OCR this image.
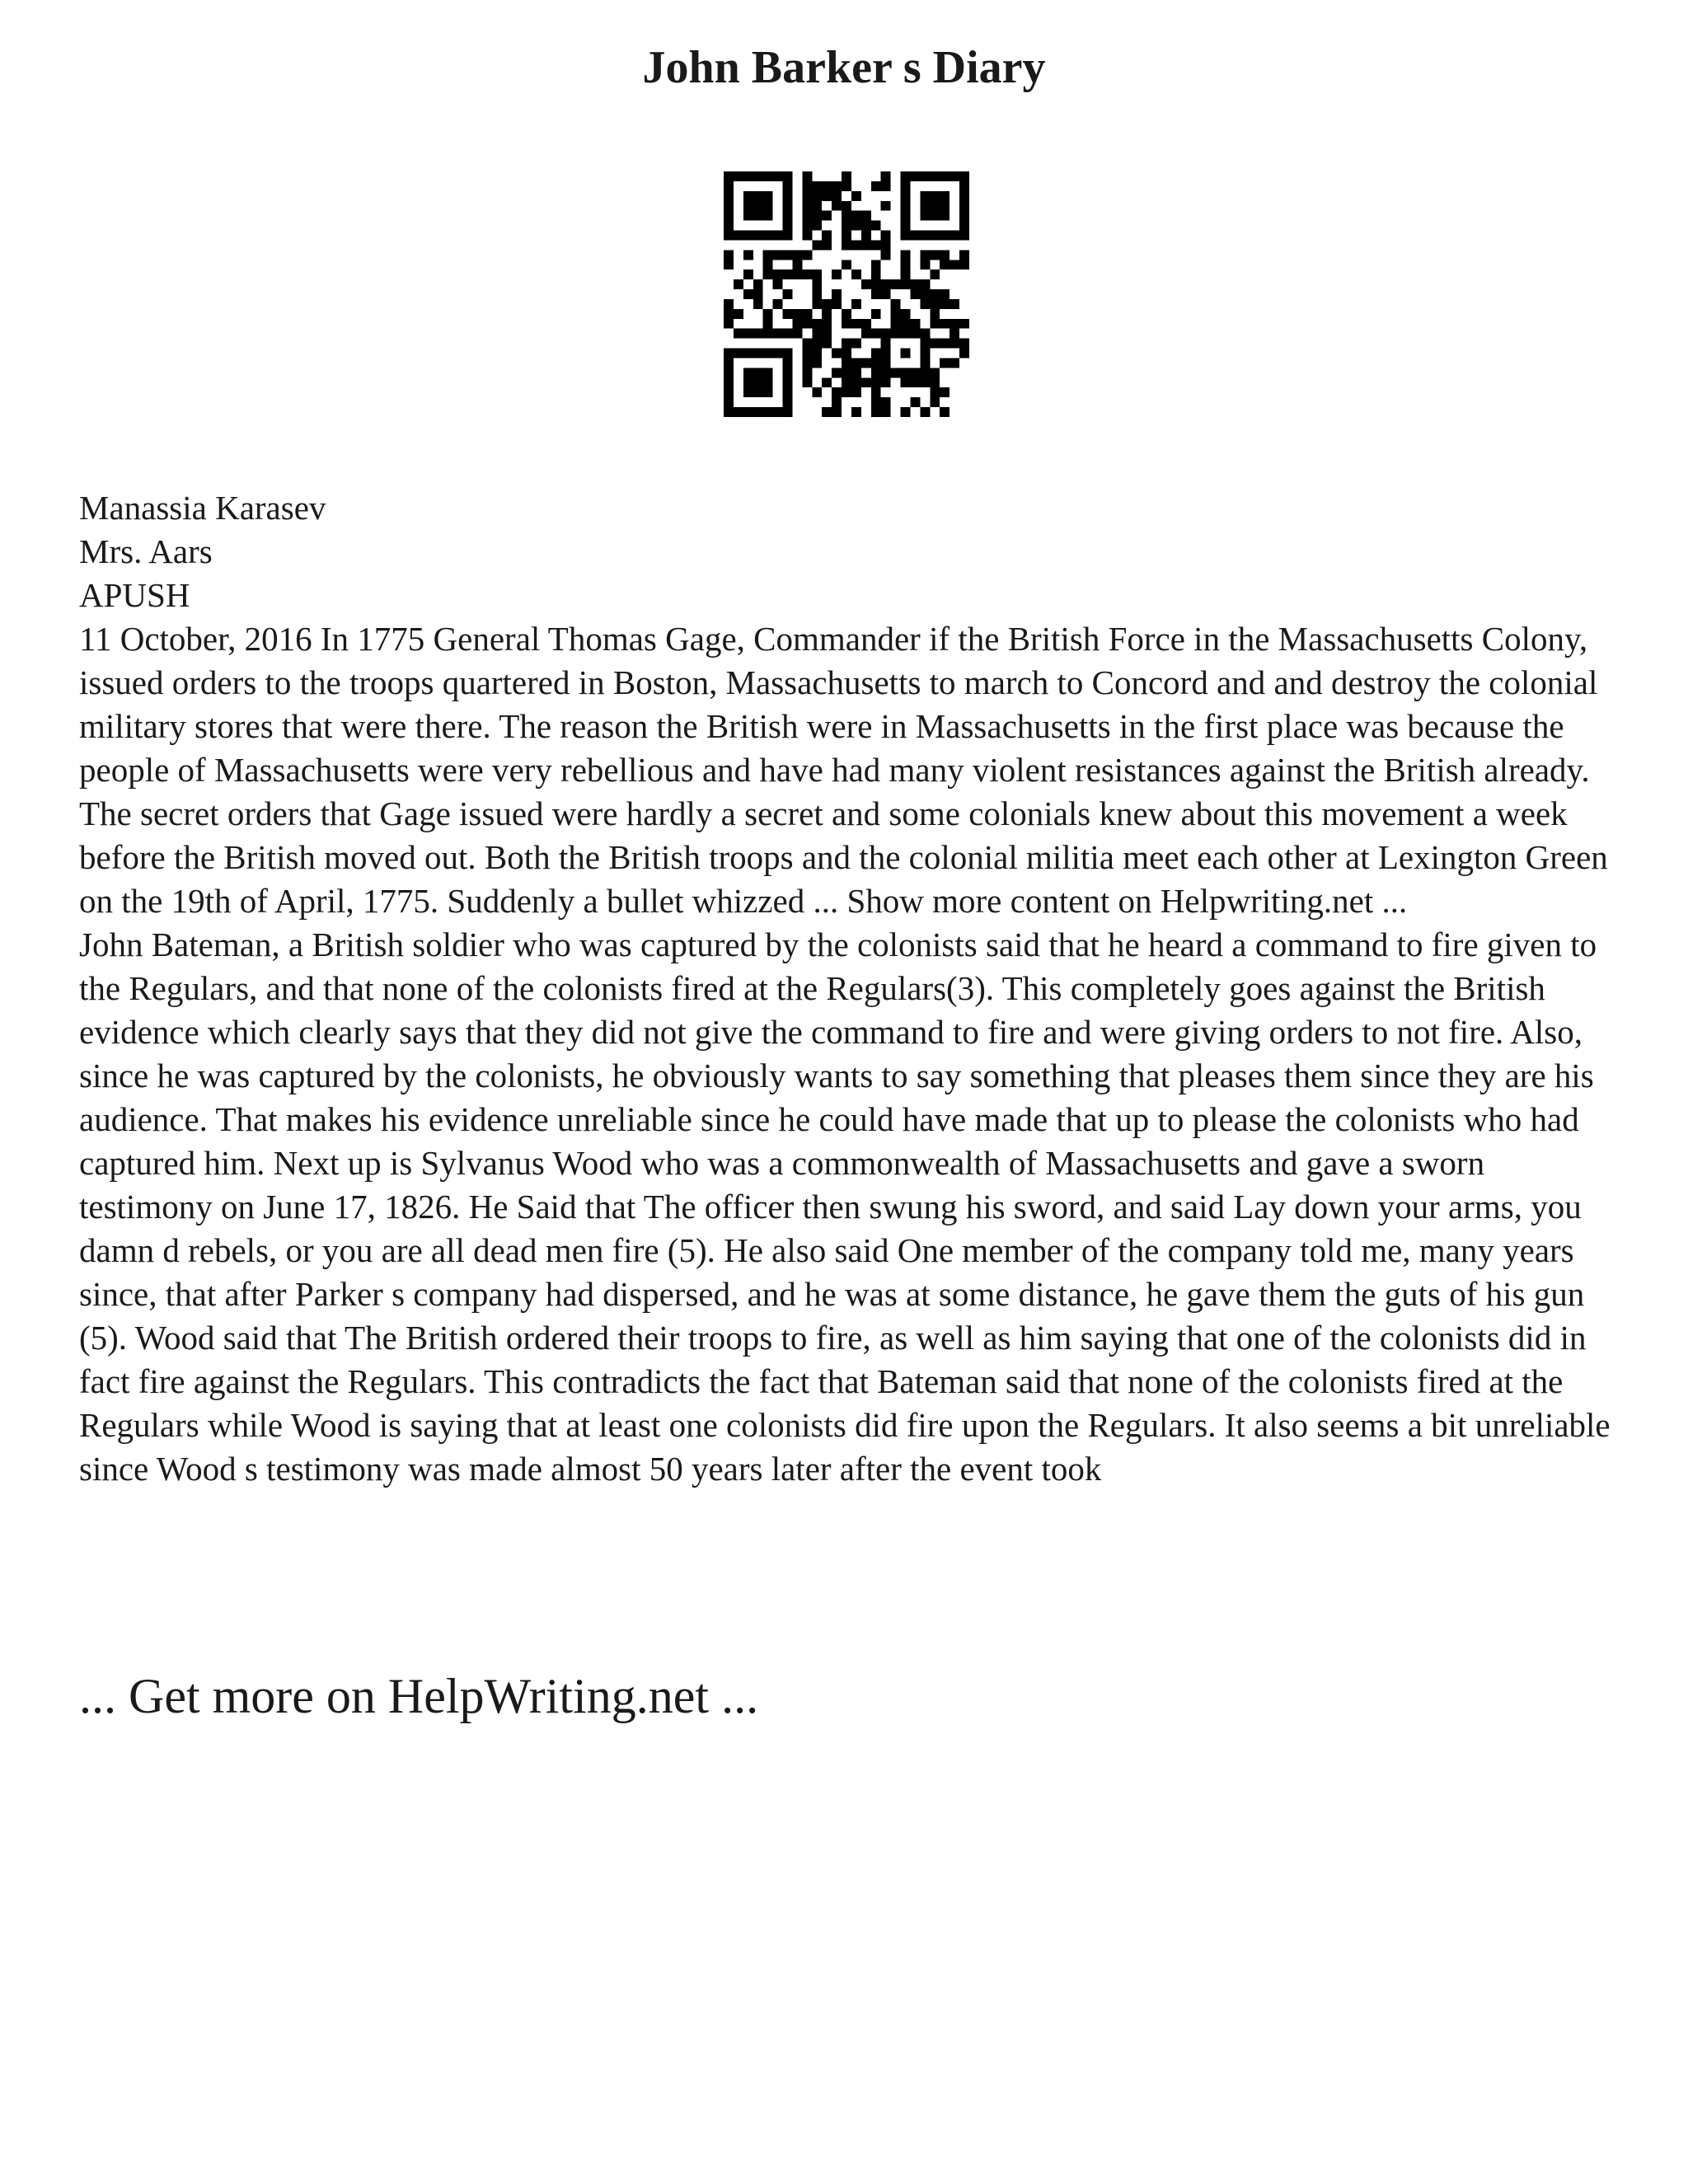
John Barker s Diary

Manassia Karasev

Mrs. Aars

APUSH

11 October, 2016 In 1775 General Thomas Gage, Commander if the British Force in the Massachusetts Colony, issued orders to the troops quartered in Boston, Massachusetts to march to Concord and and destroy the colonial military stores that were there. The reason the British were in Massachusetts in the first place was because the people of Massachusetts were very rebellious and have had many violent resistances against the British already. The secret orders that Gage issued were hardly a secret and some colonials knew about this movement a week before the British moved out. Both the British troops and the colonial militia meet each other at Lexington Green on the 19th of April, 1775. Suddenly a bullet whizzed ... Show more content on Helpwriting.net ...

John Bateman, a British soldier who was captured by the colonists said that he heard a command to fire given to the Regulars, and that none of the colonists fired at the Regulars(3). This completely goes against the British evidence which clearly says that they did not give the command to fire and were giving orders to not fire. Also, since he was captured by the colonists, he obviously wants to say something that pleases them since they are his audience. That makes his evidence unreliable since he could have made that up to please the colonists who had captured him. Next up is Sylvanus Wood who was a commonwealth of Massachusetts and gave a sworn testimony on June 17, 1826. He Said that The officer then swung his sword, and said Lay down your arms, you damn d rebels, or you are all dead men fire (5). He also said One member of the company told me, many years since, that after Parker s company had dispersed, and he was at some distance, he gave them the guts of his gun (5). Wood said that The British ordered their troops to fire, as well as him saying that one of the colonists did in fact fire against the Regulars. This contradicts the fact that Bateman said that none of the colonists fired at the Regulars while Wood is saying that at least one colonists did fire upon the Regulars. It also seems a bit unreliable since Wood s testimony was made almost 50 years later after the event took

... Get more on HelpWriting.net ...
